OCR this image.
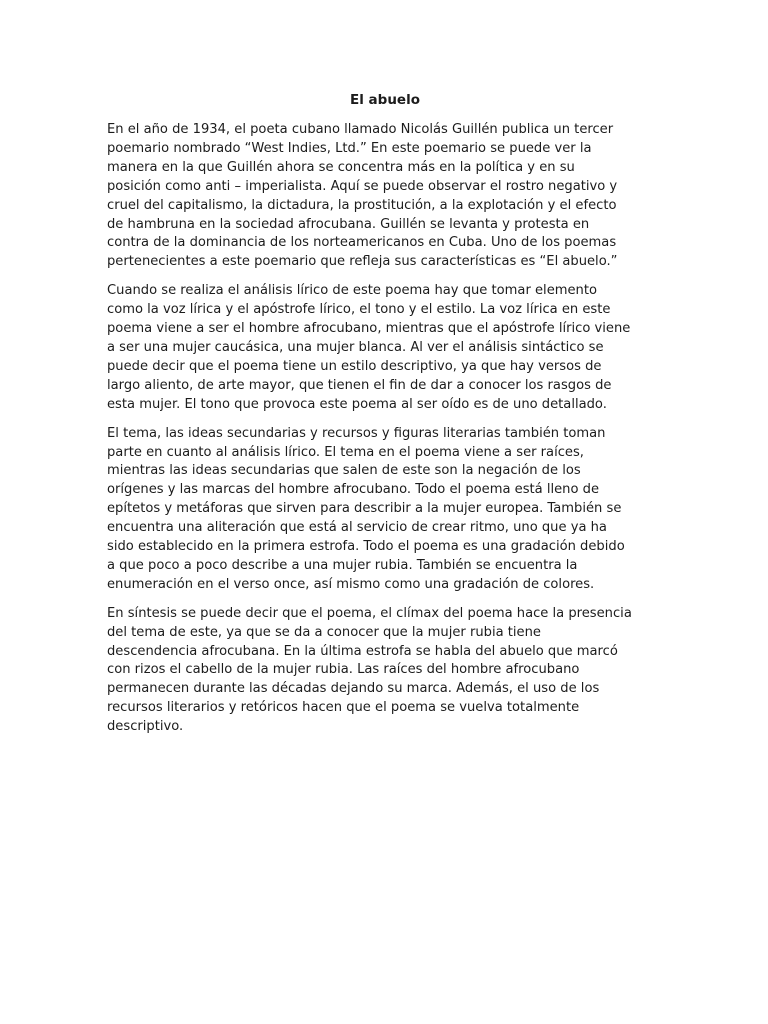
El abuelo

En el año de 1934, el poeta cubano llamado Nicolás Guillén publica un tercer
poemario nombrado “West Indies, Ltd.” En este poemario se puede ver la
manera en la que Guillén ahora se concentra más en la política y en su
posición como anti – imperialista. Aquí se puede observar el rostro negativo y
cruel del capitalismo, la dictadura, la prostitución, a la explotación y el efecto
de hambruna en la sociedad afrocubana. Guillén se levanta y protesta en
contra de la dominancia de los norteamericanos en Cuba. Uno de los poemas
pertenecientes a este poemario que refleja sus características es “El abuelo.”

Cuando se realiza el análisis lírico de este poema hay que tomar elemento
como la voz lírica y el apóstrofe lírico, el tono y el estilo. La voz lírica en este
poema viene a ser el hombre afrocubano, mientras que el apóstrofe lírico viene
a ser una mujer caucásica, una mujer blanca. Al ver el análisis sintáctico se
puede decir que el poema tiene un estilo descriptivo, ya que hay versos de
largo aliento, de arte mayor, que tienen el fin de dar a conocer los rasgos de
esta mujer. El tono que provoca este poema al ser oído es de uno detallado.

El tema, las ideas secundarias y recursos y figuras literarias también toman
parte en cuanto al análisis lírico. El tema en el poema viene a ser raíces,
mientras las ideas secundarias que salen de este son la negación de los
orígenes y las marcas del hombre afrocubano. Todo el poema está lleno de
epítetos y metáforas que sirven para describir a la mujer europea. También se
encuentra una aliteración que está al servicio de crear ritmo, uno que ya ha
sido establecido en la primera estrofa. Todo el poema es una gradación debido
a que poco a poco describe a una mujer rubia. También se encuentra la
enumeración en el verso once, así mismo como una gradación de colores.

En síntesis se puede decir que el poema, el clímax del poema hace la presencia
del tema de este, ya que se da a conocer que la mujer rubia tiene
descendencia afrocubana. En la última estrofa se habla del abuelo que marcó
con rizos el cabello de la mujer rubia. Las raíces del hombre afrocubano
permanecen durante las décadas dejando su marca. Además, el uso de los
recursos literarios y retóricos hacen que el poema se vuelva totalmente
descriptivo.
